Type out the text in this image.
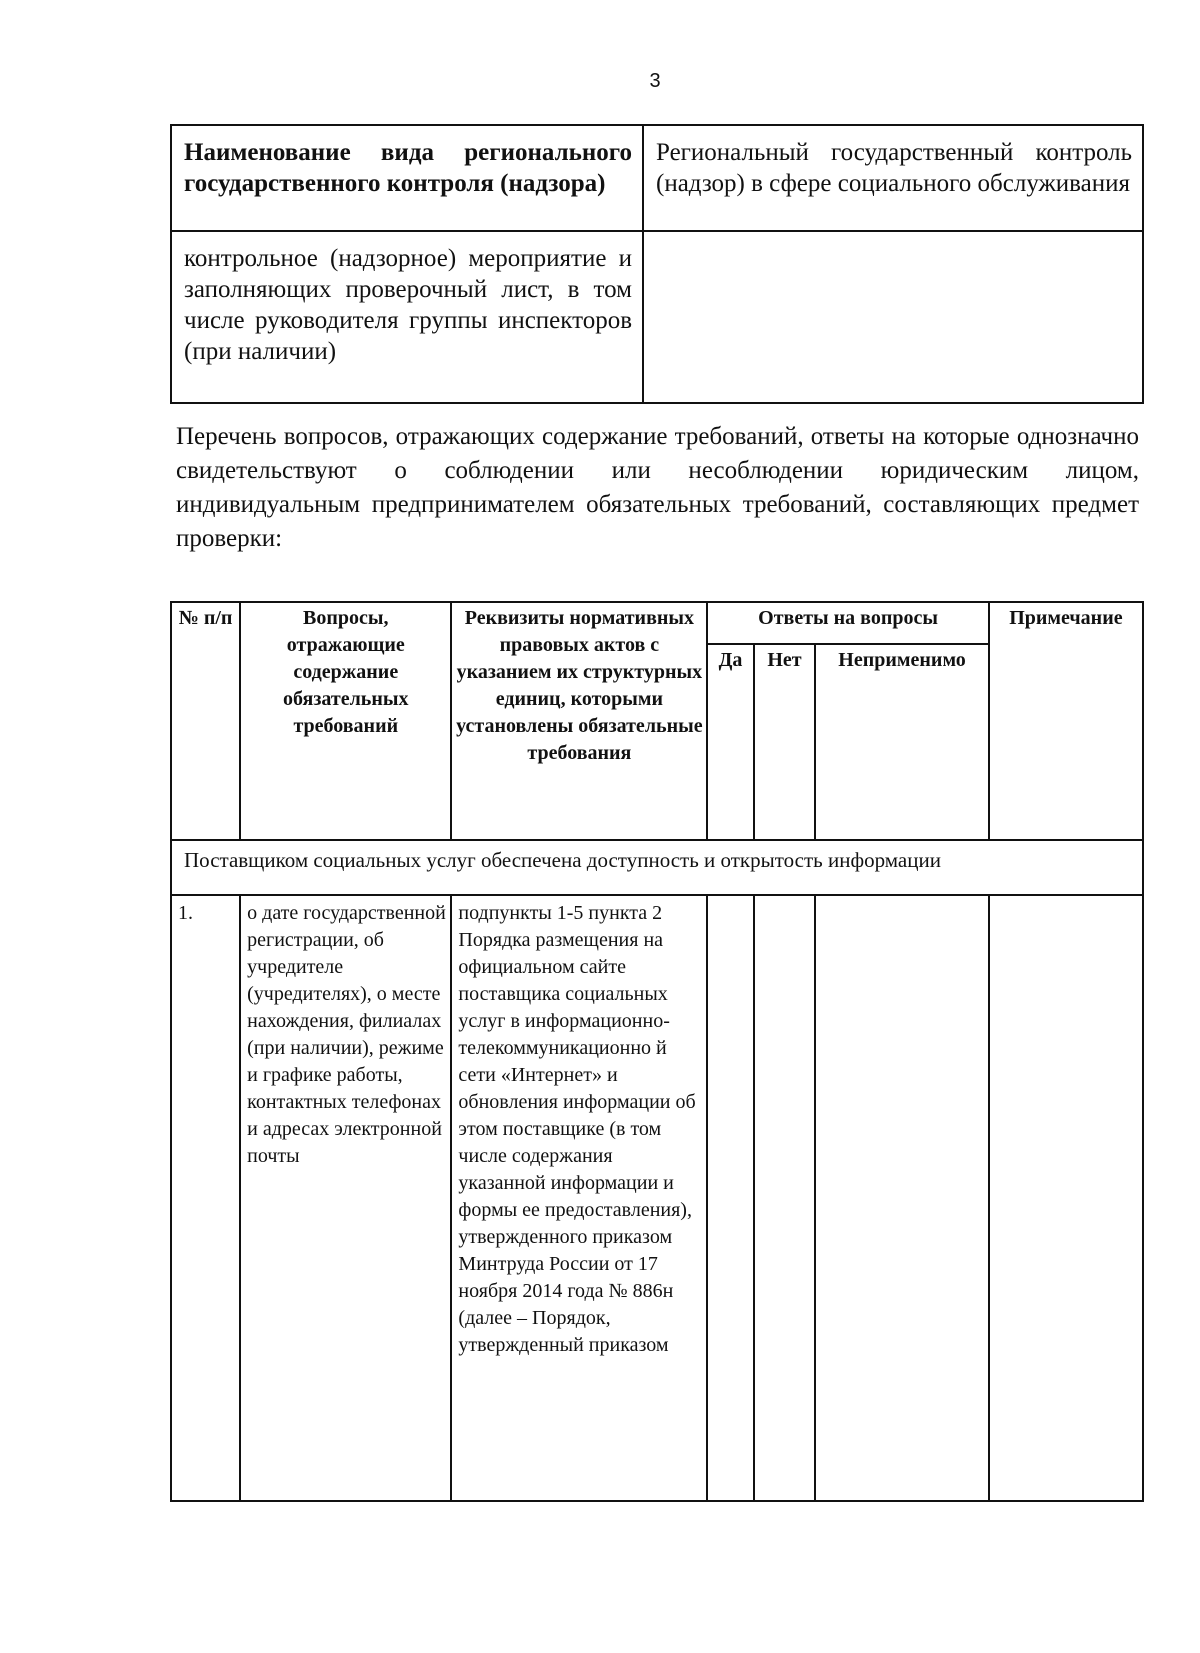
3
Наименование вида регионального государственного контроля (надзора)	Региональный государственный контроль (надзор) в сфере социального обслуживания
контрольное (надзорное) мероприятие и заполняющих проверочный лист, в том числе руководителя группы инспекторов (при наличии)	
Перечень вопросов, отражающих содержание требований, ответы на которые однозначно свидетельствуют о соблюдении или несоблюдении юридическим лицом, индивидуальным предпринимателем обязательных требований, составляющих предмет проверки:
№ п/п	Вопросы, отражающие содержание обязательных требований	Реквизиты нормативных правовых актов с указанием их структурных единиц, которыми установлены обязательные требования	Ответы на вопросы			Примечание
			Да	Нет	Неприменимо	
Поставщиком социальных услуг обеспечена доступность и открытость информации						
1.	о дате государственной регистрации, об учредителе (учредителях), о месте нахождения, филиалах (при наличии), режиме и графике работы, контактных телефонах и адресах электронной почты	подпункты 1-5 пункта 2 Порядка размещения на официальном сайте поставщика социальных услуг в информационно-телекоммуникационно й сети «Интернет» и обновления информации об этом поставщике (в том числе содержания указанной информации и формы ее предоставления), утвержденного приказом Минтруда России от 17 ноября 2014 года № 886н (далее – Порядок, утвержденный приказом				
